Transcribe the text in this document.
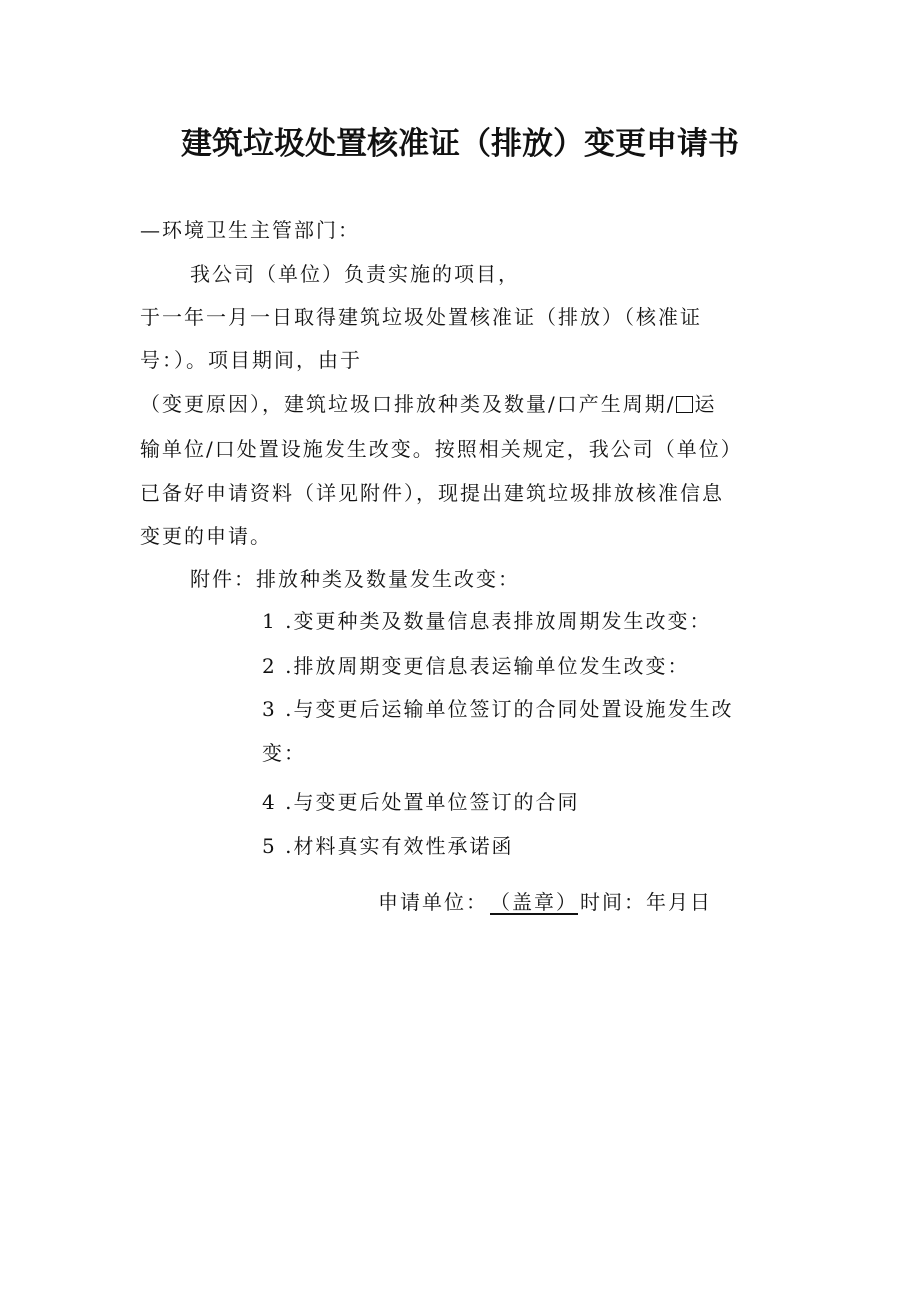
建筑垃圾处置核准证（排放）变更申请书
—环境卫生主管部门：
我公司（单位）负责实施的项目，
于一年一月一日取得建筑垃圾处置核准证（排放）（核准证
号：）。项目期间，由于
（变更原因），建筑垃圾口排放种类及数量/口产生周期/ 运
输单位/口处置设施发生改变。按照相关规定，我公司（单位）
已备好申请资料（详见附件），现提出建筑垃圾排放核准信息
变更的申请。
附件：排放种类及数量发生改变：
1 .变更种类及数量信息表排放周期发生改变：
2 .排放周期变更信息表运输单位发生改变：
3 .与变更后运输单位签订的合同处置设施发生改
变：
4 .与变更后处置单位签订的合同
5 .材料真实有效性承诺函
申请单位： （盖章） 时间：年月日
